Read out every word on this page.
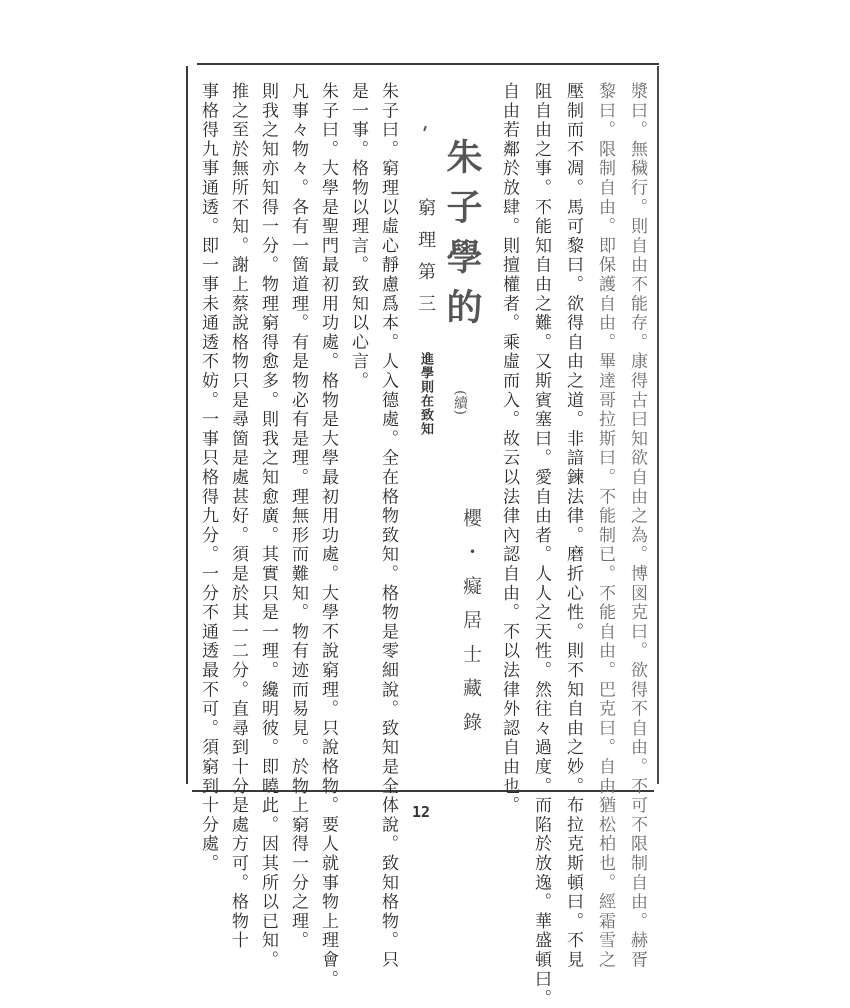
漿曰。無穢行。則自由不能存。康得古曰知欲自由之為。博図克曰。欲得不自由。不可不限制自由。赫胥
黎曰。限制自由。即保護自由。畢達哥拉斯曰。不能制已。不能自由。巴克曰。自由猶松柏也。經霜雪之
壓制而不凋。馬可黎曰。欲得自由之道。非諳鍊法律。磨折心性。則不知自由之妙。布拉克斯頓曰。不見
阻自由之事。不能知自由之難。又斯賓塞曰。愛自由者。人人之天性。然往々過度。而陷於放逸。華盛頓曰。
自由若鄰於放肆。則擅權者。乘虛而入。故云以法律內認自由。不以法律外認自由也。
朱子學的
(續)
窮理第三
進學則在致知
櫻・癡居士藏錄
朱子曰。窮理以虛心靜慮爲本。人入德處。全在格物致知。格物是零細說。致知是全体說。致知格物。只
是一事。格物以理言。致知以心言。
朱子曰。大學是聖門最初用功處。格物是大學最初用功處。大學不說窮理。只說格物。要人就事物上理會。
凡事々物々。各有一箇道理。有是物必有是理。理無形而難知。物有迹而易見。於物上窮得一分之理。
則我之知亦知得一分。物理窮得愈多。則我之知愈廣。其實只是一理。纔明彼。即曉此。因其所以已知。
推之至於無所不知。謝上蔡說格物只是尋箇是處甚好。須是於其一二分。直尋到十分是處方可。格物十
事格得九事通透。即一事未通透不妨。一事只格得九分。一分不通透最不可。須窮到十分處。	12
